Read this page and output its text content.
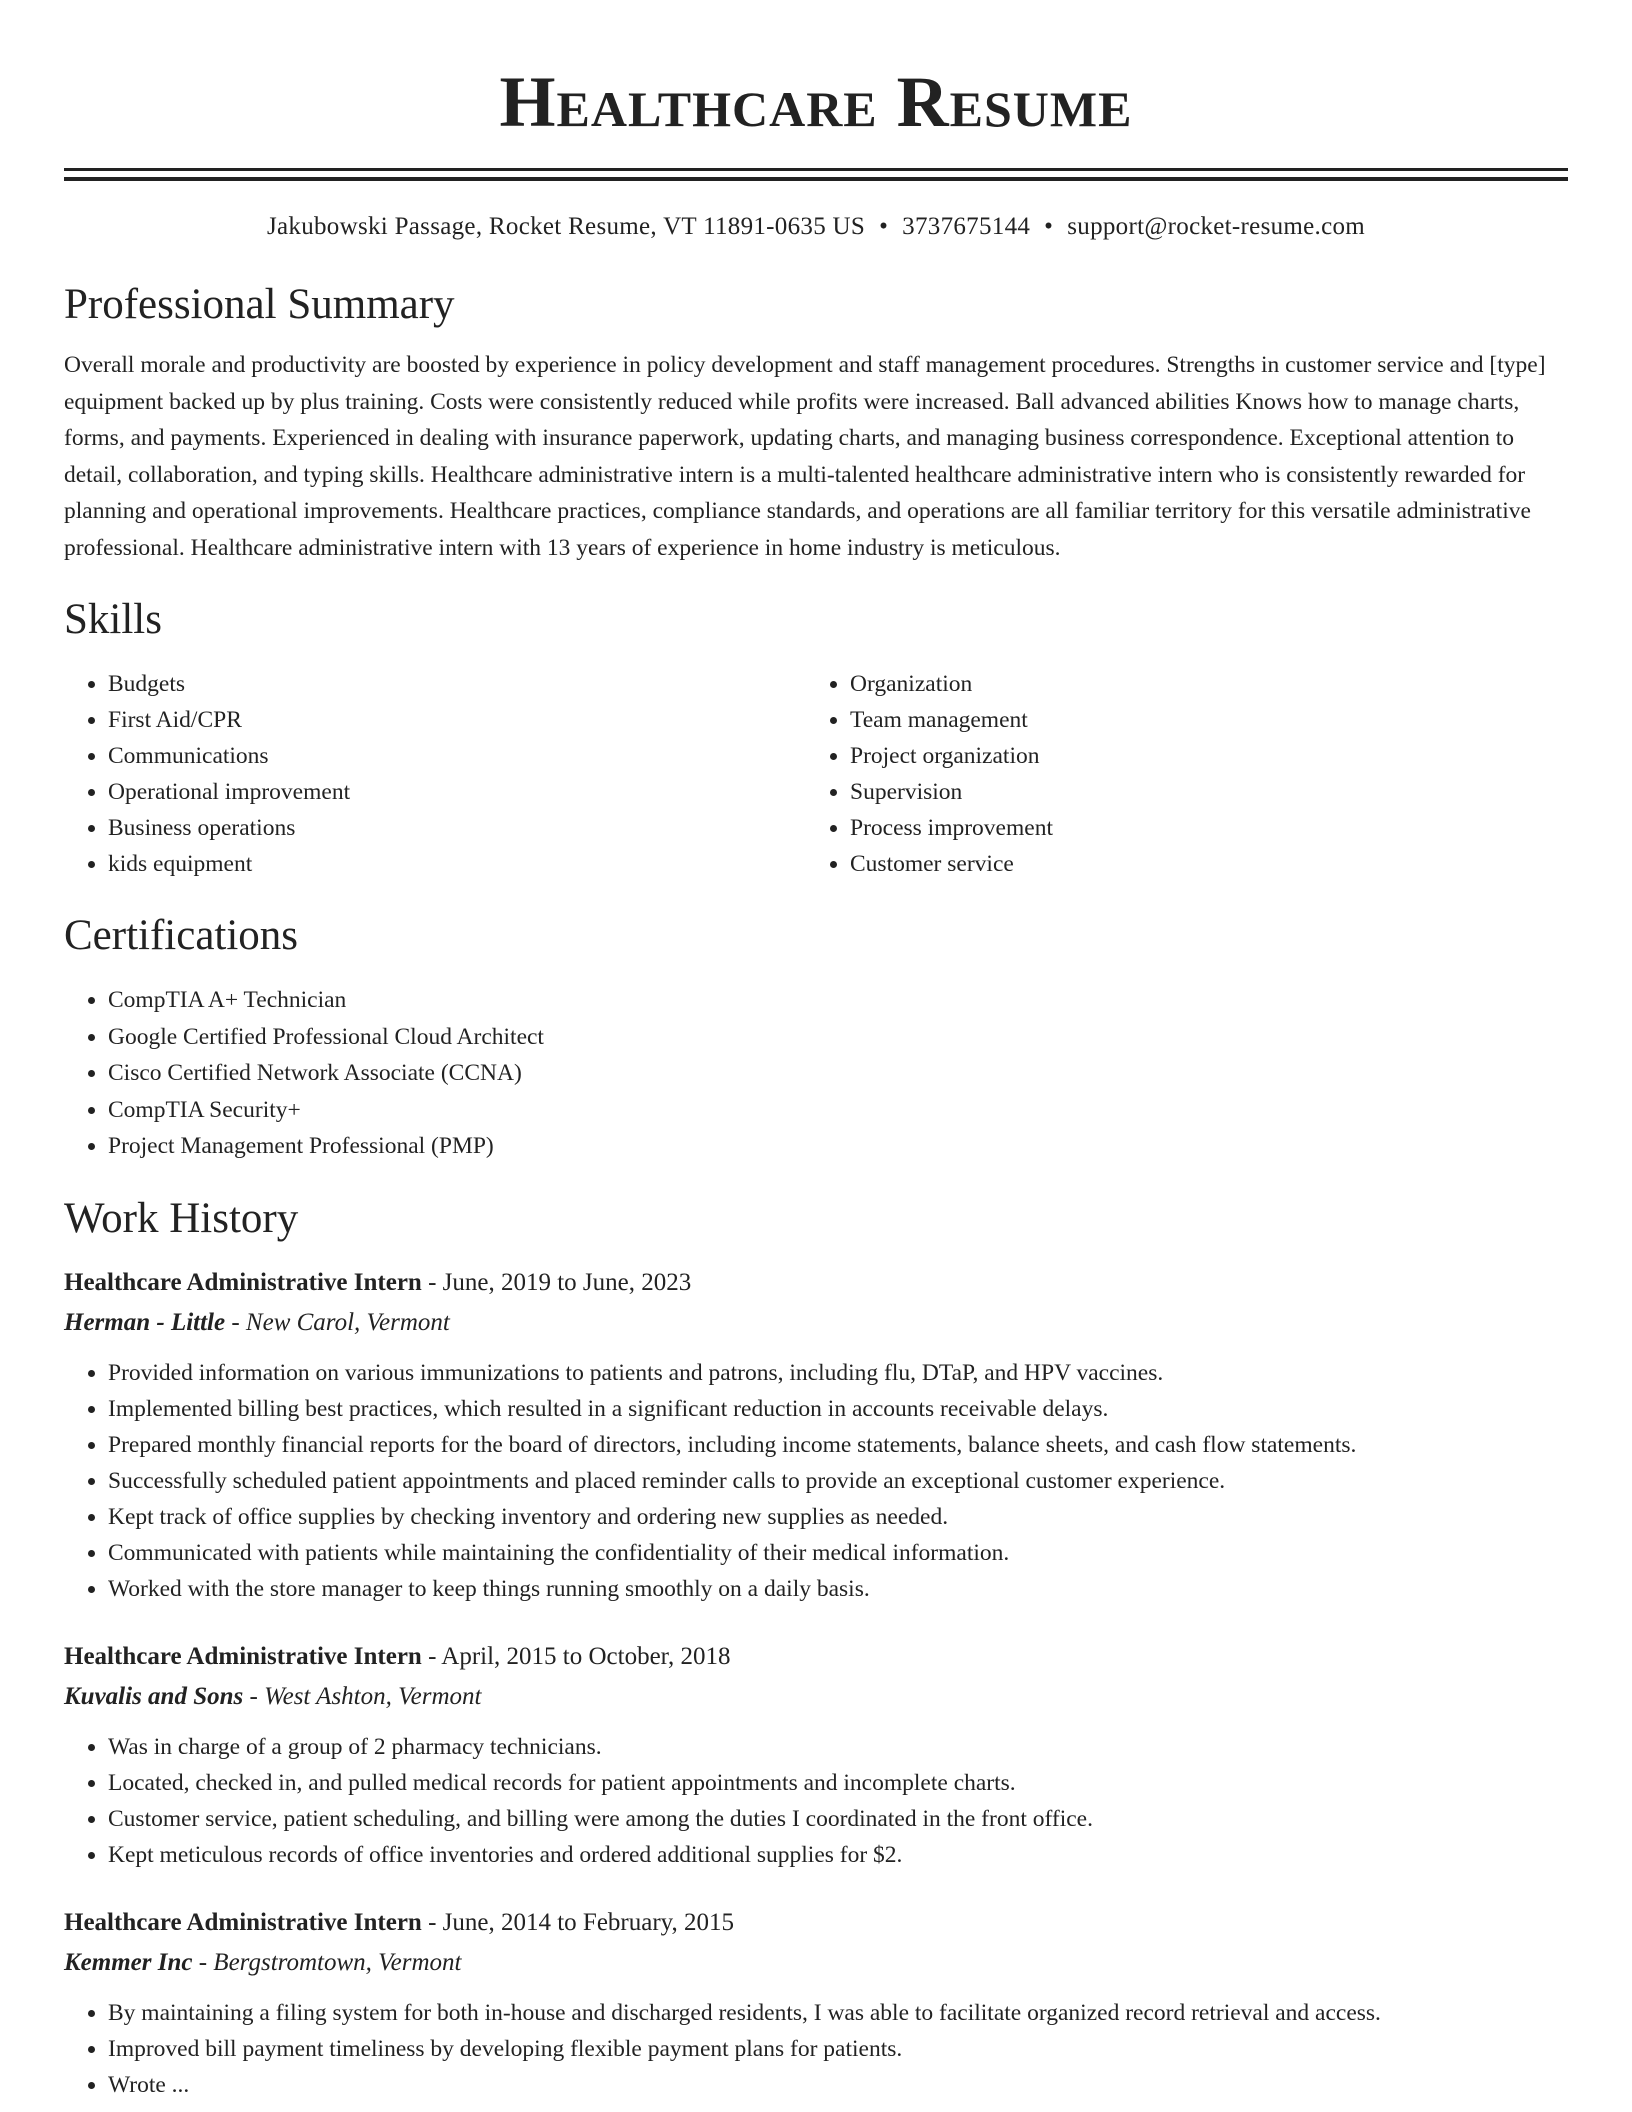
Healthcare Resume
Jakubowski Passage, Rocket Resume, VT 11891-0635 US • 3737675144 • support@rocket-resume.com
Professional Summary

Overall morale and productivity are boosted by experience in policy development and staff management procedures. Strengths in customer service and [type] equipment backed up by plus training. Costs were consistently reduced while profits were increased. Ball advanced abilities Knows how to manage charts, forms, and payments. Experienced in dealing with insurance paperwork, updating charts, and managing business correspondence. Exceptional attention to detail, collaboration, and typing skills. Healthcare administrative intern is a multi-talented healthcare administrative intern who is consistently rewarded for planning and operational improvements. Healthcare practices, compliance standards, and operations are all familiar territory for this versatile administrative professional. Healthcare administrative intern with 13 years of experience in home industry is meticulous.

Skills
• Budgets
• First Aid/CPR
• Communications
• Operational improvement
• Business operations
• kids equipment
• Organization
• Team management
• Project organization
• Supervision
• Process improvement
• Customer service
Certifications
• CompTIA A+ Technician
• Google Certified Professional Cloud Architect
• Cisco Certified Network Associate (CCNA)
• CompTIA Security+
• Project Management Professional (PMP)
Work History
Healthcare Administrative Intern - June, 2019 to June, 2023
Herman - Little - New Carol, Vermont
• Provided information on various immunizations to patients and patrons, including flu, DTaP, and HPV vaccines.
• Implemented billing best practices, which resulted in a significant reduction in accounts receivable delays.
• Prepared monthly financial reports for the board of directors, including income statements, balance sheets, and cash flow statements.
• Successfully scheduled patient appointments and placed reminder calls to provide an exceptional customer experience.
• Kept track of office supplies by checking inventory and ordering new supplies as needed.
• Communicated with patients while maintaining the confidentiality of their medical information.
• Worked with the store manager to keep things running smoothly on a daily basis.
Healthcare Administrative Intern - April, 2015 to October, 2018
Kuvalis and Sons - West Ashton, Vermont
• Was in charge of a group of 2 pharmacy technicians.
• Located, checked in, and pulled medical records for patient appointments and incomplete charts.
• Customer service, patient scheduling, and billing were among the duties I coordinated in the front office.
• Kept meticulous records of office inventories and ordered additional supplies for $2.
Healthcare Administrative Intern - June, 2014 to February, 2015
Kemmer Inc - Bergstromtown, Vermont
• By maintaining a filing system for both in-house and discharged residents, I was able to facilitate organized record retrieval and access.
• Improved bill payment timeliness by developing flexible payment plans for patients.
• Wrote ...
